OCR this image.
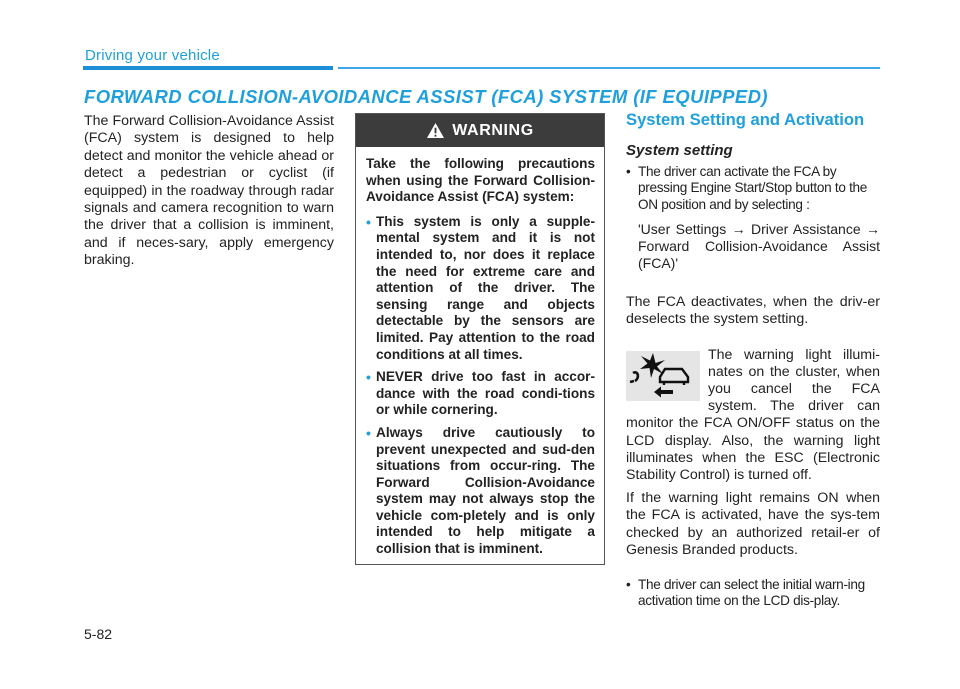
Driving your vehicle
FORWARD COLLISION-AVOIDANCE ASSIST (FCA) SYSTEM (IF EQUIPPED)

The Forward Collision-Avoidance Assist (FCA) system is designed to help detect and monitor the vehicle ahead or detect a pedestrian or cyclist (if equipped) in the roadway through radar signals and camera recognition to warn the driver that a collision is imminent, and if neces-sary, apply emergency braking.

WARNING

Take the following precautions when using the Forward Collision-Avoidance Assist (FCA) system:

• This system is only a supple-mental system and it is not intended to, nor does it replace the need for extreme care and attention of the driver. The sensing range and objects detectable by the sensors are limited. Pay attention to the road conditions at all times.
• NEVER drive too fast in accor-dance with the road condi-tions or while cornering.
• Always drive cautiously to prevent unexpected and sud-den situations from occur-ring. The Forward Collision-Avoidance system may not always stop the vehicle com-pletely and is only intended to help mitigate a collision that is imminent.
System Setting and Activation
System setting

• The driver can activate the FCA by pressing Engine Start/Stop button to the ON position and by selecting :

'User Settings → Driver Assistance → Forward Collision-Avoidance Assist (FCA)'

The FCA deactivates, when the driv-er deselects the system setting.

The warning light illumi-nates on the cluster, when you cancel the FCA system. The driver can monitor the FCA ON/OFF status on the LCD display. Also, the warning light illuminates when the ESC (Electronic Stability Control) is turned off.

If the warning light remains ON when the FCA is activated, have the sys-tem checked by an authorized retail-er of Genesis Branded products.

• The driver can select the initial warn-ing activation time on the LCD dis-play.

5-82
